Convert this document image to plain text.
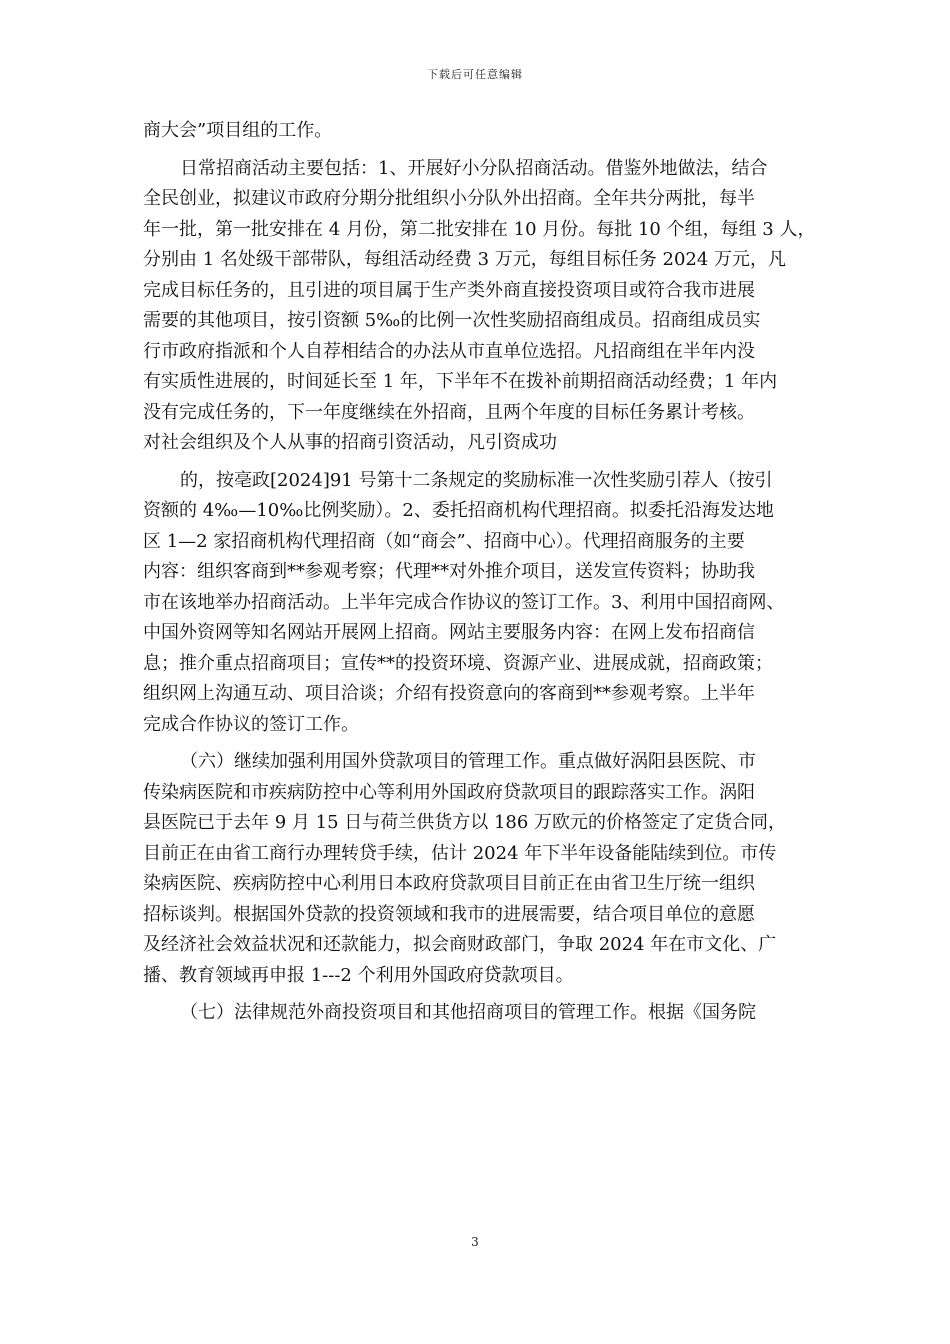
下载后可任意编辑
商大会”项目组的工作。
日常招商活动主要包括：1、开展好小分队招商活动。借鉴外地做法，结合
全民创业，拟建议市政府分期分批组织小分队外出招商。全年共分两批，每半
年一批，第一批安排在 4 月份，第二批安排在 10 月份。每批 10 个组，每组 3 人，
分别由 1 名处级干部带队，每组活动经费 3 万元，每组目标任务 2024 万元，凡
完成目标任务的，且引进的项目属于生产类外商直接投资项目或符合我市进展
需要的其他项目，按引资额 5‰的比例一次性奖励招商组成员。招商组成员实
行市政府指派和个人自荐相结合的办法从市直单位选招。凡招商组在半年内没
有实质性进展的，时间延长至 1 年，下半年不在拨补前期招商活动经费；1 年内
没有完成任务的，下一年度继续在外招商，且两个年度的目标任务累计考核。
对社会组织及个人从事的招商引资活动，凡引资成功
的，按亳政[2024]91 号第十二条规定的奖励标准一次性奖励引荐人（按引
资额的 4‰—10‰比例奖励）。2、委托招商机构代理招商。拟委托沿海发达地
区 1—2 家招商机构代理招商（如“商会”、招商中心）。代理招商服务的主要
内容：组织客商到**参观考察；代理**对外推介项目，送发宣传资料；协助我
市在该地举办招商活动。上半年完成合作协议的签订工作。3、利用中国招商网、
中国外资网等知名网站开展网上招商。网站主要服务内容：在网上发布招商信
息；推介重点招商项目；宣传**的投资环境、资源产业、进展成就，招商政策；
组织网上沟通互动、项目洽谈；介绍有投资意向的客商到**参观考察。上半年
完成合作协议的签订工作。
（六）继续加强利用国外贷款项目的管理工作。重点做好涡阳县医院、市
传染病医院和市疾病防控中心等利用外国政府贷款项目的跟踪落实工作。涡阳
县医院已于去年 9 月 15 日与荷兰供货方以 186 万欧元的价格签定了定货合同，
目前正在由省工商行办理转贷手续，估计 2024 年下半年设备能陆续到位。市传
染病医院、疾病防控中心利用日本政府贷款项目目前正在由省卫生厅统一组织
招标谈判。根据国外贷款的投资领域和我市的进展需要，结合项目单位的意愿
及经济社会效益状况和还款能力，拟会商财政部门，争取 2024 年在市文化、广
播、教育领域再申报 1---2 个利用外国政府贷款项目。
（七）法律规范外商投资项目和其他招商项目的管理工作。根据《国务院
3
